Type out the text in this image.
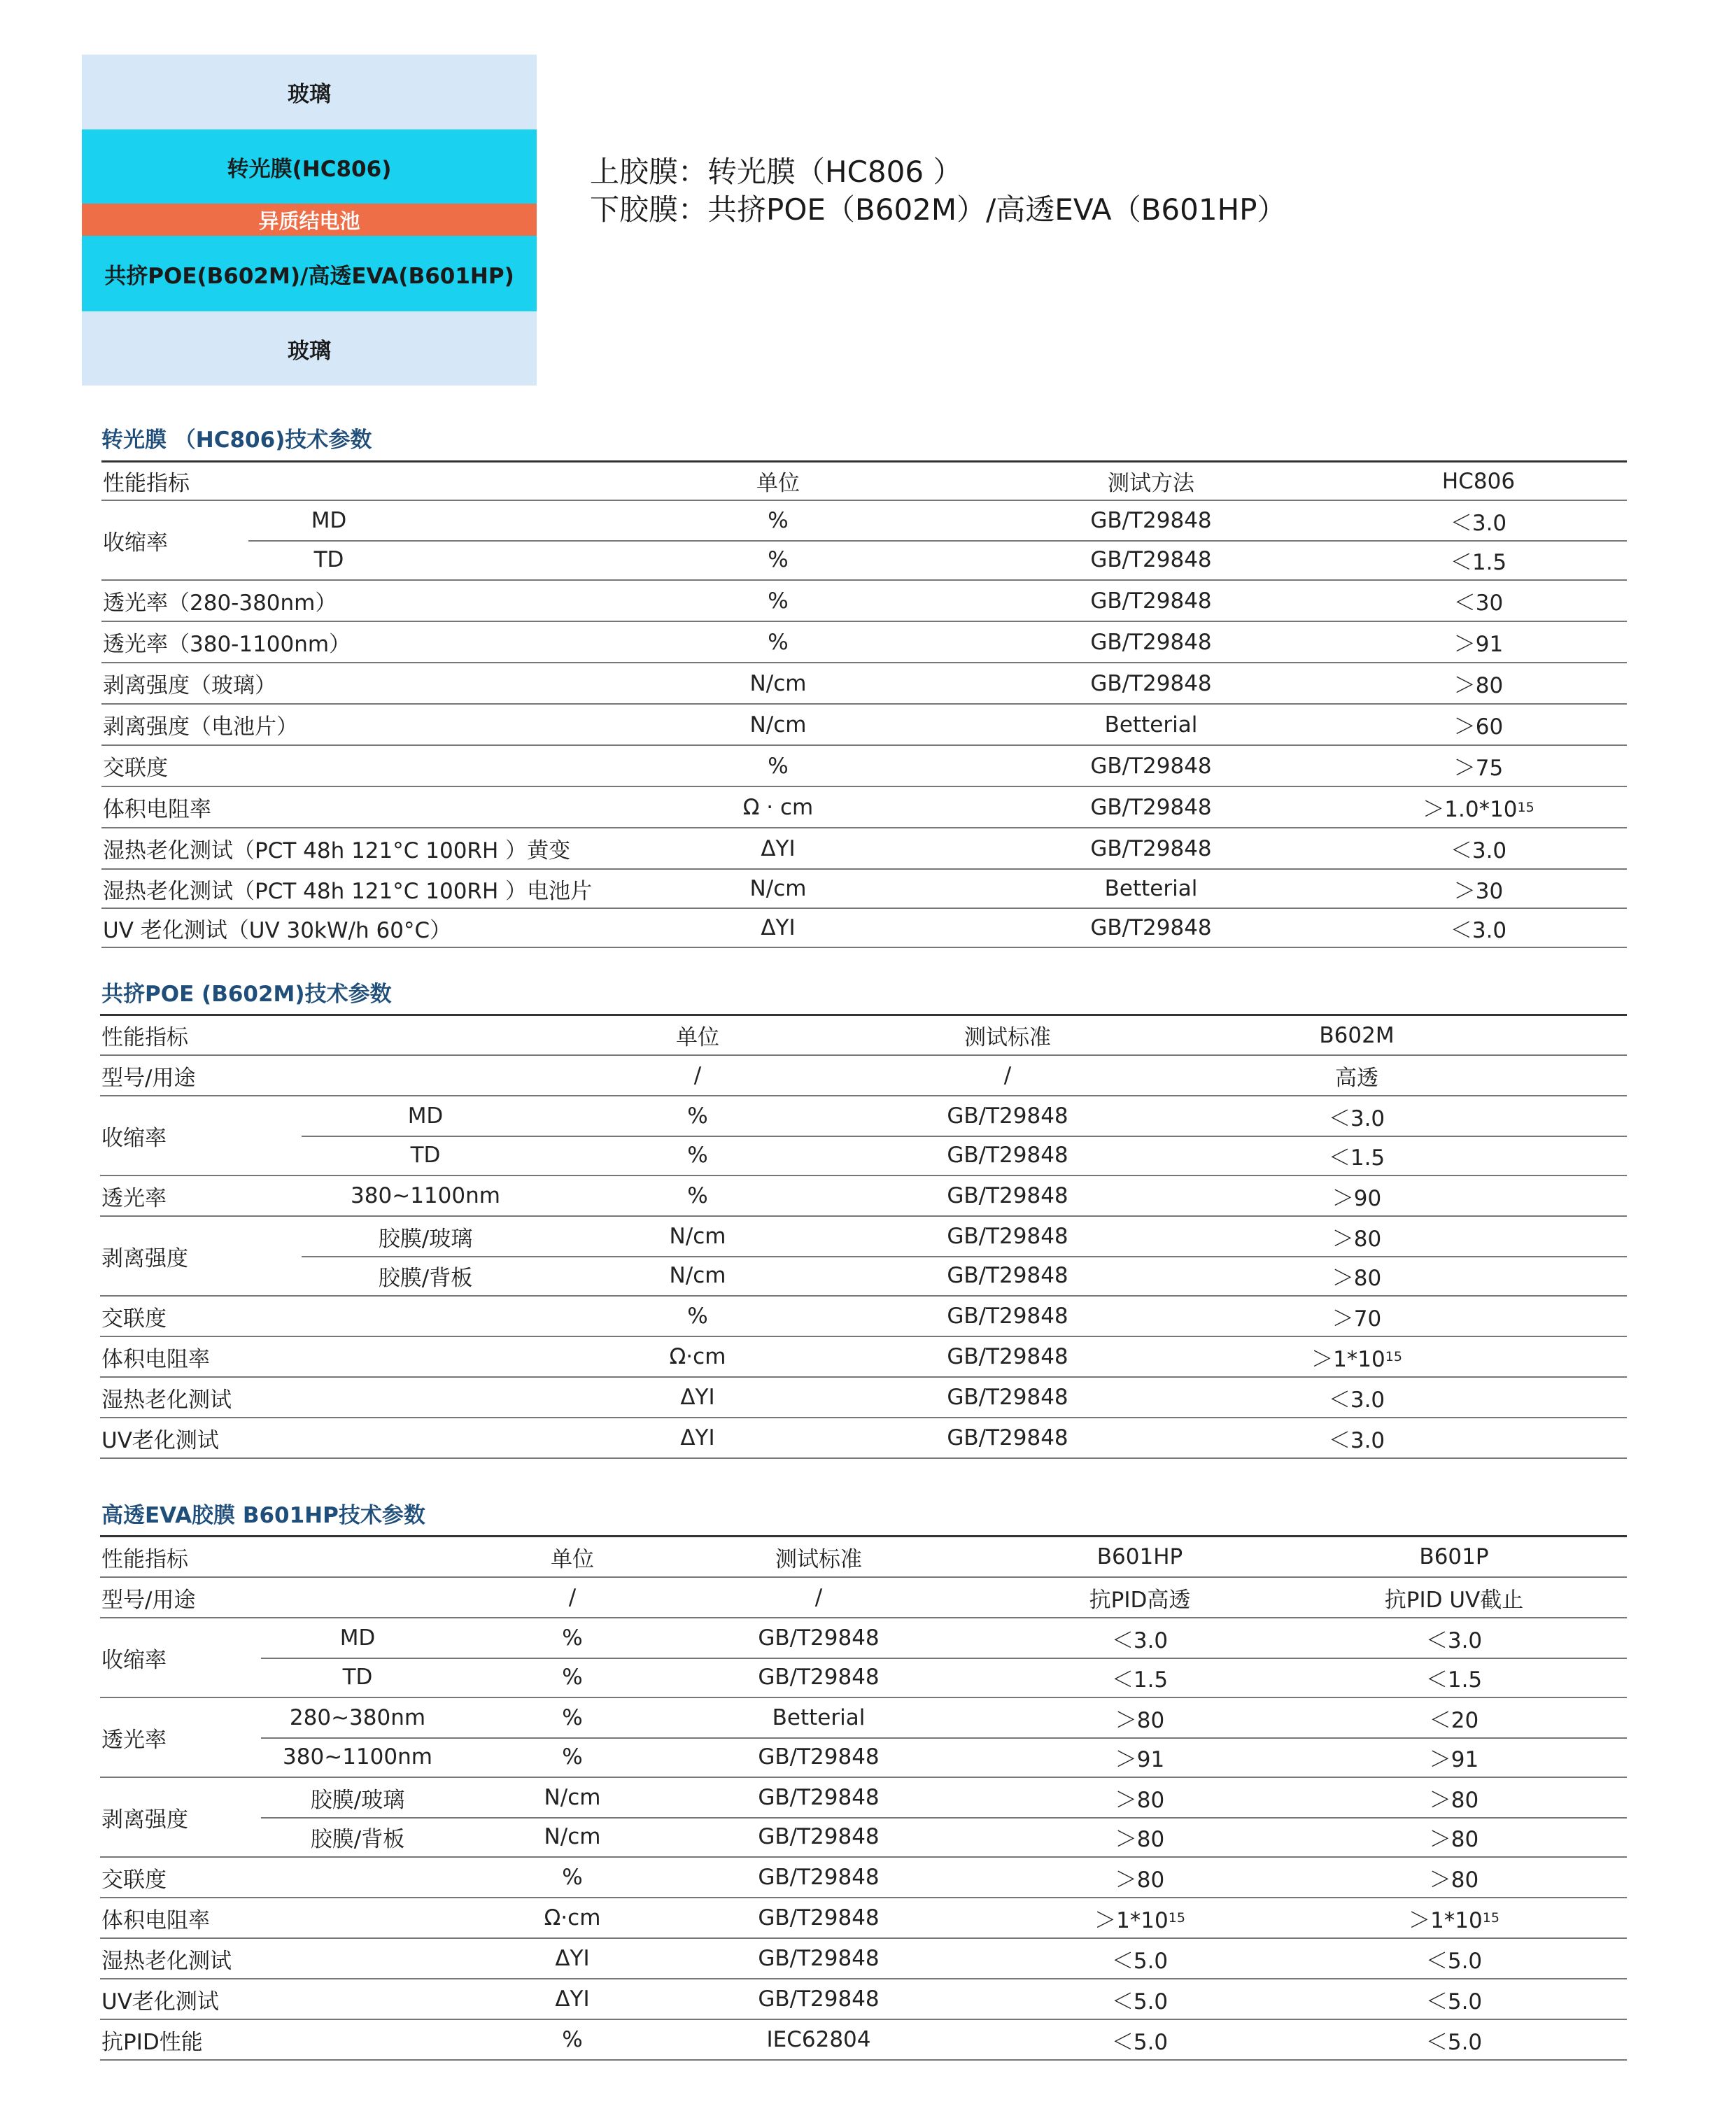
玻璃
转光膜(HC806)
异质结电池
共挤POE(B602M)/高透EVA(B601HP)
玻璃
上胶膜：转光膜（HC806 ）
下胶膜：共挤POE（B602M）/高透EVA（B601HP）
转光膜 （HC806)技术参数
性能指标	单位	测试方法	HC806
收缩率
MD	%	GB/T29848	＜3.0
TD	%	GB/T29848	＜1.5
透光率（280-380nm）	%	GB/T29848	＜30
透光率（380-1100nm）	%	GB/T29848	＞91
剥离强度（玻璃）	N/cm	GB/T29848	＞80
剥离强度（电池片）	N/cm	Betterial	＞60
交联度	%	GB/T29848	＞75
体积电阻率	Ω · cm	GB/T29848	＞1.0*10 15
湿热老化测试（PCT 48h 121°C 100RH ）黄变	ΔYI	GB/T29848	＜3.0
湿热老化测试（PCT 48h 121°C 100RH ）电池片	N/cm	Betterial	＞30
UV 老化测试（UV 30kW/h 60°C）	ΔYI	GB/T29848	＜3.0
共挤POE (B602M)技术参数
性能指标	单位	测试标准	B602M
型号/用途	/	/	高透
收缩率
MD	%	GB/T29848	＜3.0
TD	%	GB/T29848	＜1.5
透光率	380~1100nm	%	GB/T29848	＞90
剥离强度
胶膜/玻璃	N/cm	GB/T29848	＞80
胶膜/背板	N/cm	GB/T29848	＞80
交联度	%	GB/T29848	＞70
体积电阻率	Ω·cm	GB/T29848	＞1*10 15
湿热老化测试	ΔYI	GB/T29848	＜3.0
UV老化测试	ΔYI	GB/T29848	＜3.0
高透EVA胶膜 B601HP技术参数
性能指标	单位	测试标准	B601HP	B601P
型号/用途	/	/	抗PID高透	抗PID UV截止
收缩率
MD	%	GB/T29848	＜3.0	＜3.0
TD	%	GB/T29848	＜1.5	＜1.5
透光率
280~380nm	%	Betterial	＞80	＜20
380~1100nm	%	GB/T29848	＞91	＞91
剥离强度
胶膜/玻璃	N/cm	GB/T29848	＞80	＞80
胶膜/背板	N/cm	GB/T29848	＞80	＞80
交联度	%	GB/T29848	＞80	＞80
体积电阻率	Ω·cm	GB/T29848	＞1*10 15	＞1*10 15
湿热老化测试	ΔYI	GB/T29848	＜5.0	＜5.0
UV老化测试	ΔYI	GB/T29848	＜5.0	＜5.0
抗PID性能	%	IEC62804	＜5.0	＜5.0
